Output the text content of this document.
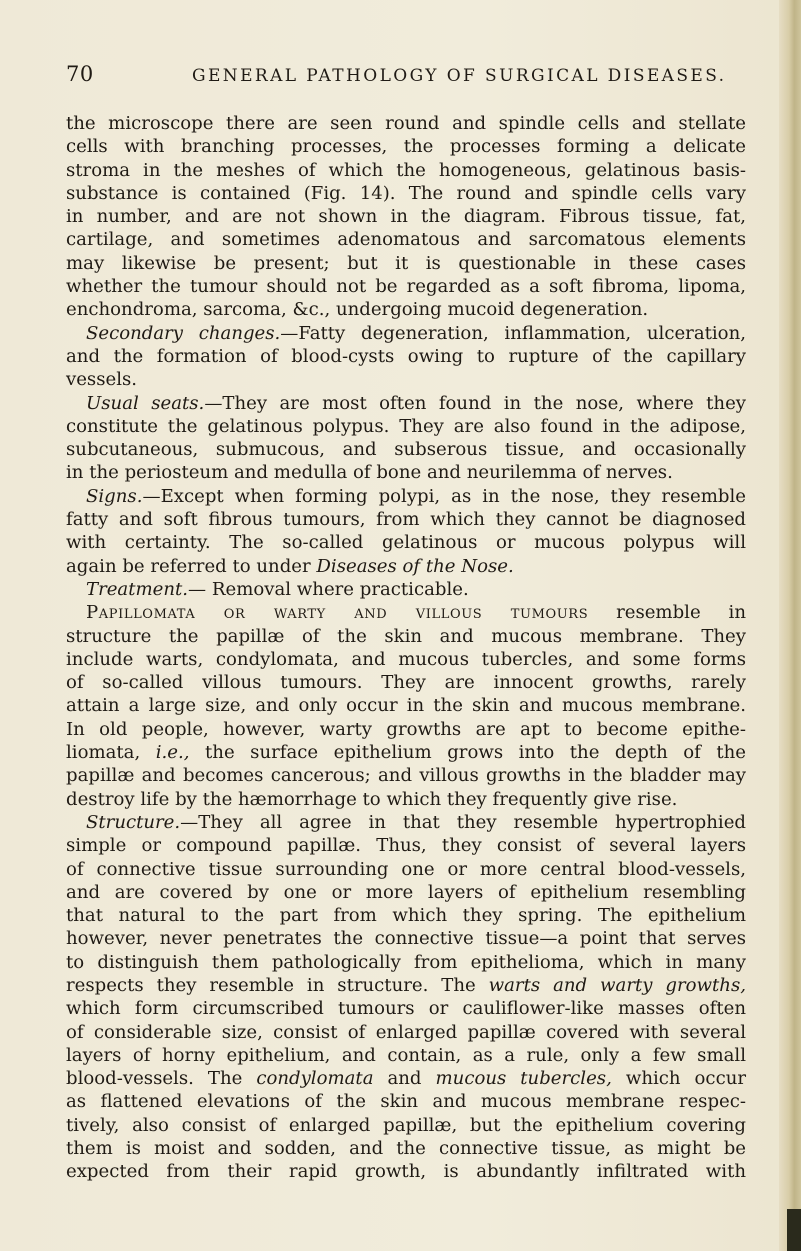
70	GENERAL PATHOLOGY OF SURGICAL DISEASES.
the microscope there are seen round and spindle cells and stellate
cells with branching processes, the processes forming a delicate
stroma in the meshes of which the homogeneous, gelatinous basis-
substance is contained (Fig. 14). The round and spindle cells vary
in number, and are not shown in the diagram. Fibrous tissue, fat,
cartilage, and sometimes adenomatous and sarcomatous elements
may likewise be present; but it is questionable in these cases
whether the tumour should not be regarded as a soft fibroma, lipoma,
enchondroma, sarcoma, &c., undergoing mucoid degeneration.
Secondary changes.—Fatty degeneration, inflammation, ulceration,
and the formation of blood-cysts owing to rupture of the capillary
vessels.
Usual seats.—They are most often found in the nose, where they
constitute the gelatinous polypus. They are also found in the adipose,
subcutaneous, submucous, and subserous tissue, and occasionally
in the periosteum and medulla of bone and neurilemma of nerves.
Signs.—Except when forming polypi, as in the nose, they resemble
fatty and soft fibrous tumours, from which they cannot be diagnosed
with certainty. The so-called gelatinous or mucous polypus will
again be referred to under Diseases of the Nose.
Treatment.— Removal where practicable.
Papillomata or warty and villous tumours resemble in
structure the papillæ of the skin and mucous membrane. They
include warts, condylomata, and mucous tubercles, and some forms
of so-called villous tumours. They are innocent growths, rarely
attain a large size, and only occur in the skin and mucous membrane.
In old people, however, warty growths are apt to become epithe-
liomata, i.e., the surface epithelium grows into the depth of the
papillæ and becomes cancerous; and villous growths in the bladder may
destroy life by the hæmorrhage to which they frequently give rise.
Structure.—They all agree in that they resemble hypertrophied
simple or compound papillæ. Thus, they consist of several layers
of connective tissue surrounding one or more central blood-vessels,
and are covered by one or more layers of epithelium resembling
that natural to the part from which they spring. The epithelium
however, never penetrates the connective tissue—a point that serves
to distinguish them pathologically from epithelioma, which in many
respects they resemble in structure. The warts and warty growths,
which form circumscribed tumours or cauliflower-like masses often
of considerable size, consist of enlarged papillæ covered with several
layers of horny epithelium, and contain, as a rule, only a few small
blood-vessels. The condylomata and mucous tubercles, which occur
as flattened elevations of the skin and mucous membrane respec-
tively, also consist of enlarged papillæ, but the epithelium covering
them is moist and sodden, and the connective tissue, as might be
expected from their rapid growth, is abundantly infiltrated with
